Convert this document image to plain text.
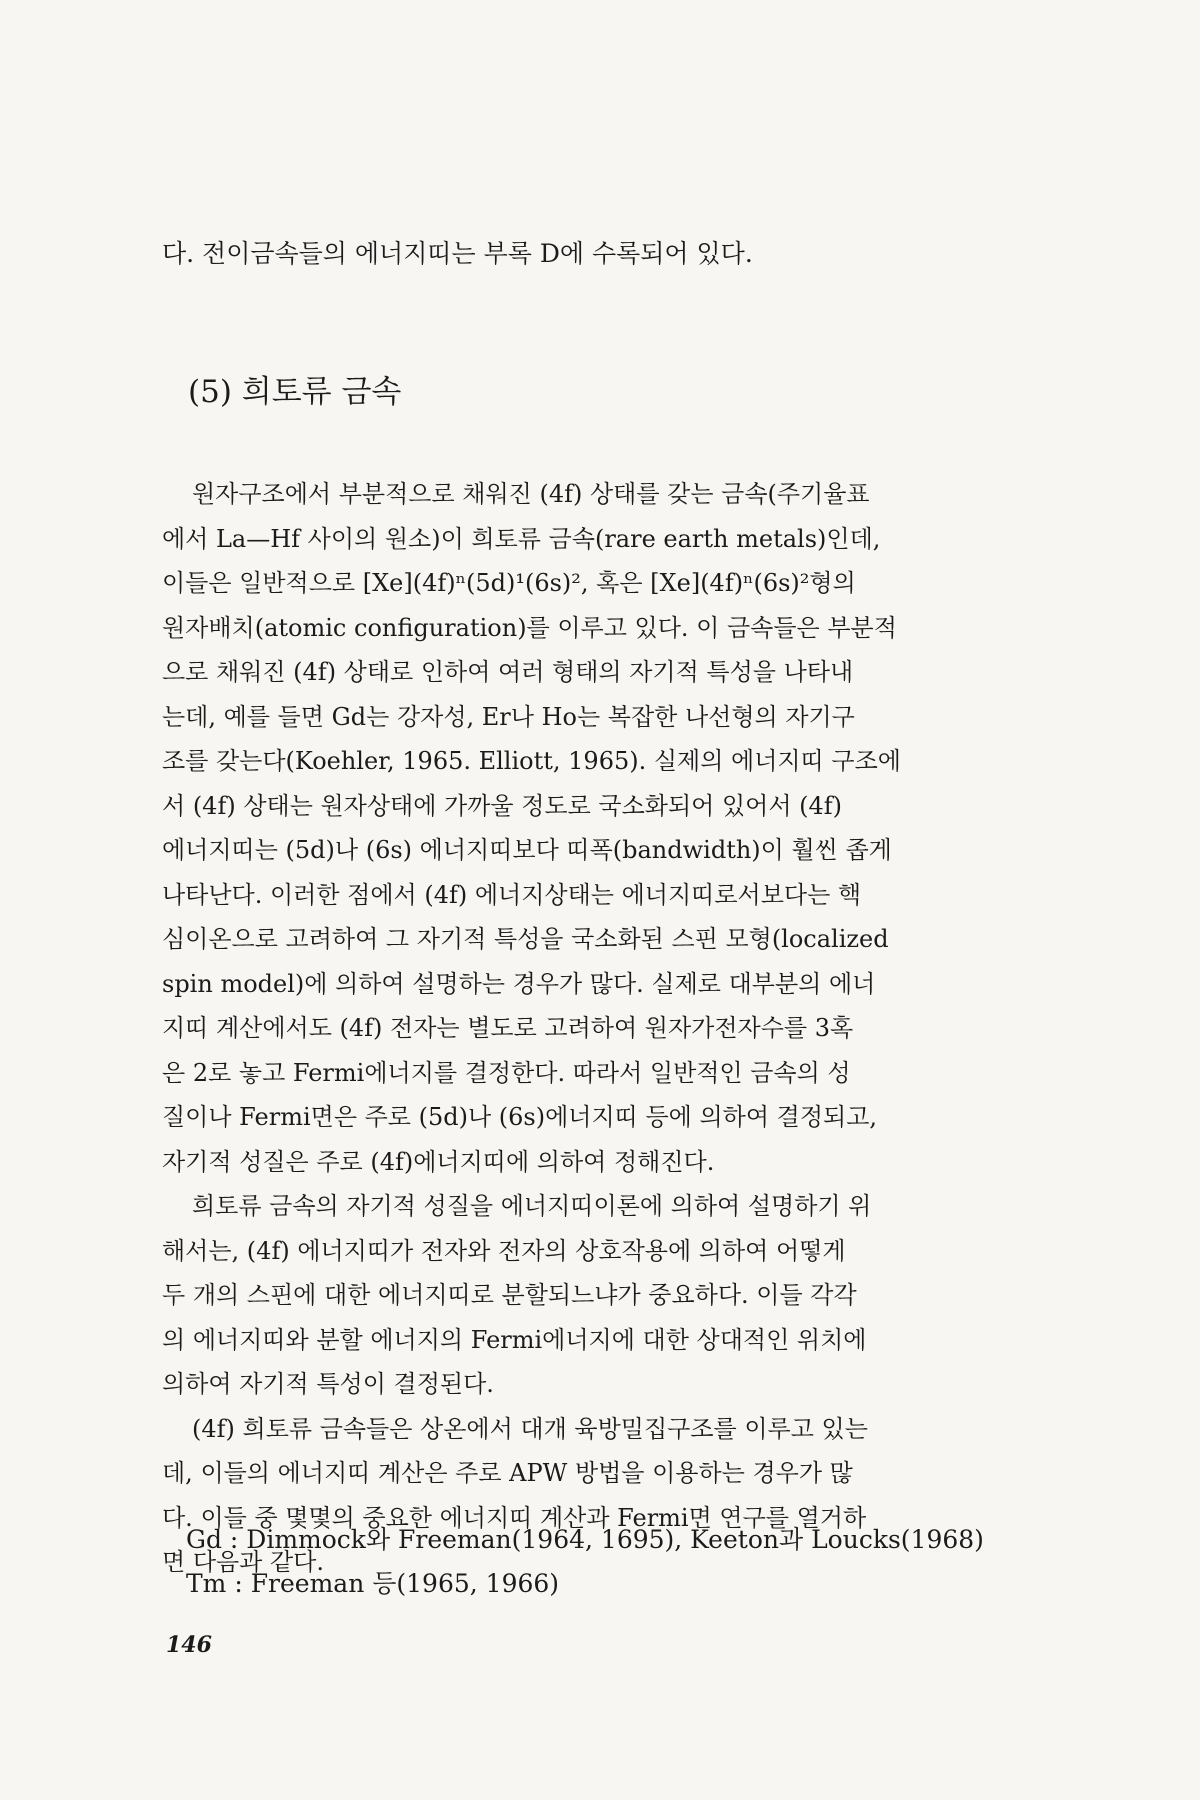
다. 전이금속들의 에너지띠는 부록 D에 수록되어 있다.
(5) 희토류 금속
원자구조에서 부분적으로 채워진 (4f) 상태를 갖는 금속(주기율표
에서 La—Hf 사이의 원소)이 희토류 금속(rare earth metals)인데,
이들은 일반적으로 [Xe](4f)ⁿ(5d)¹(6s)², 혹은 [Xe](4f)ⁿ(6s)²형의
원자배치(atomic configuration)를 이루고 있다. 이 금속들은 부분적
으로 채워진 (4f) 상태로 인하여 여러 형태의 자기적 특성을 나타내
는데, 예를 들면 Gd는 강자성, Er나 Ho는 복잡한 나선형의 자기구
조를 갖는다(Koehler, 1965. Elliott, 1965). 실제의 에너지띠 구조에
서 (4f) 상태는 원자상태에 가까울 정도로 국소화되어 있어서 (4f)
에너지띠는 (5d)나 (6s) 에너지띠보다 띠폭(bandwidth)이 훨씬 좁게
나타난다. 이러한 점에서 (4f) 에너지상태는 에너지띠로서보다는 핵
심이온으로 고려하여 그 자기적 특성을 국소화된 스핀 모형(localized
spin model)에 의하여 설명하는 경우가 많다. 실제로 대부분의 에너
지띠 계산에서도 (4f) 전자는 별도로 고려하여 원자가전자수를 3혹
은 2로 놓고 Fermi에너지를 결정한다. 따라서 일반적인 금속의 성
질이나 Fermi면은 주로 (5d)나 (6s)에너지띠 등에 의하여 결정되고,
자기적 성질은 주로 (4f)에너지띠에 의하여 정해진다.
희토류 금속의 자기적 성질을 에너지띠이론에 의하여 설명하기 위
해서는, (4f) 에너지띠가 전자와 전자의 상호작용에 의하여 어떻게
두 개의 스핀에 대한 에너지띠로 분할되느냐가 중요하다. 이들 각각
의 에너지띠와 분할 에너지의 Fermi에너지에 대한 상대적인 위치에
의하여 자기적 특성이 결정된다.
(4f) 희토류 금속들은 상온에서 대개 육방밀집구조를 이루고 있는
데, 이들의 에너지띠 계산은 주로 APW 방법을 이용하는 경우가 많
다. 이들 중 몇몇의 중요한 에너지띠 계산과 Fermi면 연구를 열거하
면 다음과 같다.
Gd : Dimmock와 Freeman(1964, 1695), Keeton과 Loucks(1968)
Tm : Freeman 등(1965, 1966)
146
